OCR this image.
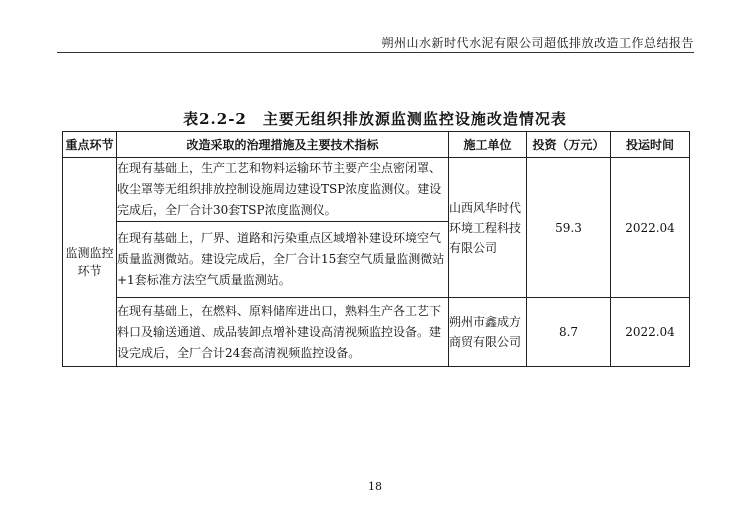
朔州山水新时代水泥有限公司超低排放改造工作总结报告
表2.2-2　主要无组织排放源监测监控设施改造情况表
重点环节	改造采取的治理措施及主要技术指标	施工单位	投资（万元）	投运时间
监测监控环节	在现有基础上，生产工艺和物料运输环节主要产尘点密闭罩、收尘罩等无组织排放控制设施周边建设TSP浓度监测仪。建设完成后，全厂合计30套TSP浓度监测仪。	山西风华时代环境工程科技有限公司	59.3	2022.04
	在现有基础上，厂界、道路和污染重点区域增补建设环境空气质量监测微站。建设完成后，全厂合计15套空气质量监测微站+1套标准方法空气质量监测站。			
	在现有基础上，在燃料、原料储库进出口，熟料生产各工艺下料口及输送通道、成品装卸点增补建设高清视频监控设备。建设完成后，全厂合计24套高清视频监控设备。	朔州市鑫成方商贸有限公司	8.7	2022.04
18
